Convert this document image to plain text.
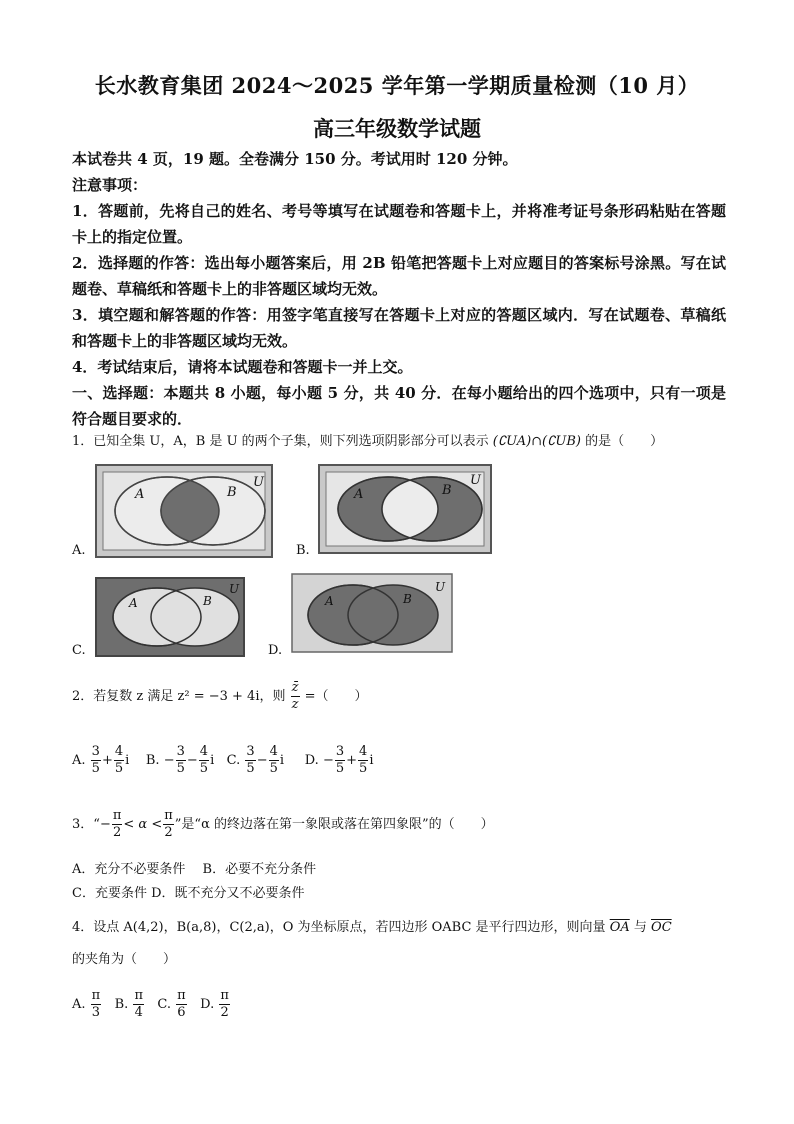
长水教育集团 2024～2025 学年第一学期质量检测（10 月）
高三年级数学试题
本试卷共 4 页，19 题。全卷满分 150 分。考试用时 120 分钟。
注意事项：
1．答题前，先将自己的姓名、考号等填写在试题卷和答题卡上，并将准考证号条形码粘贴在答题卡上的指定位置。
2．选择题的作答：选出每小题答案后，用 2B 铅笔把答题卡上对应题目的答案标号涂黑。写在试题卷、草稿纸和答题卡上的非答题区域均无效。
3．填空题和解答题的作答：用签字笔直接写在答题卡上对应的答题区域内．写在试题卷、草稿纸和答题卡上的非答题区域均无效。
4．考试结束后，请将本试题卷和答题卡一并上交。
一、选择题：本题共 8 小题，每小题 5 分，共 40 分．在每小题给出的四个选项中，只有一项是符合题目要求的．
1．已知全集 U，A，B 是 U 的两个子集，则下列选项阴影部分可以表示 (∁UA)∩(∁UB) 的是（　　）
A	B
U
A.
A	B
U
B.
A	B
U
C.
A	B
U
D.
2．若复数 z 满足 z² = −3 + 4i，则 $\frac{z̄}{z}$ =（　　）
A. $\frac{3}{5} + \frac{4}{5}$ i B. − $\frac{3}{5} - \frac{4}{5}$ i C. $\frac{3}{5} - \frac{4}{5}$ i D. − $\frac{3}{5} + \frac{4}{5}$ i
3．“− $\frac{\pi}{2} < \alpha < \frac{\pi}{2}$ ”是“α 的终边落在第一象限或落在第四象限”的（　　）
A．充分不必要条件　 B．必要不充分条件
C．充要条件 D．既不充分又不必要条件
4．设点 A(4,2)，B(a,8)，C(2,a)，O 为坐标原点，若四边形 OABC 是平行四边形，则向量 $\overline{OA}$ 与 $\overline{OC}$
的夹角为（　　）
A. $\frac{\pi}{3} B$. $\frac{\pi}{4} C$. $\frac{\pi}{6} D$. $\frac{\pi}{2}$
